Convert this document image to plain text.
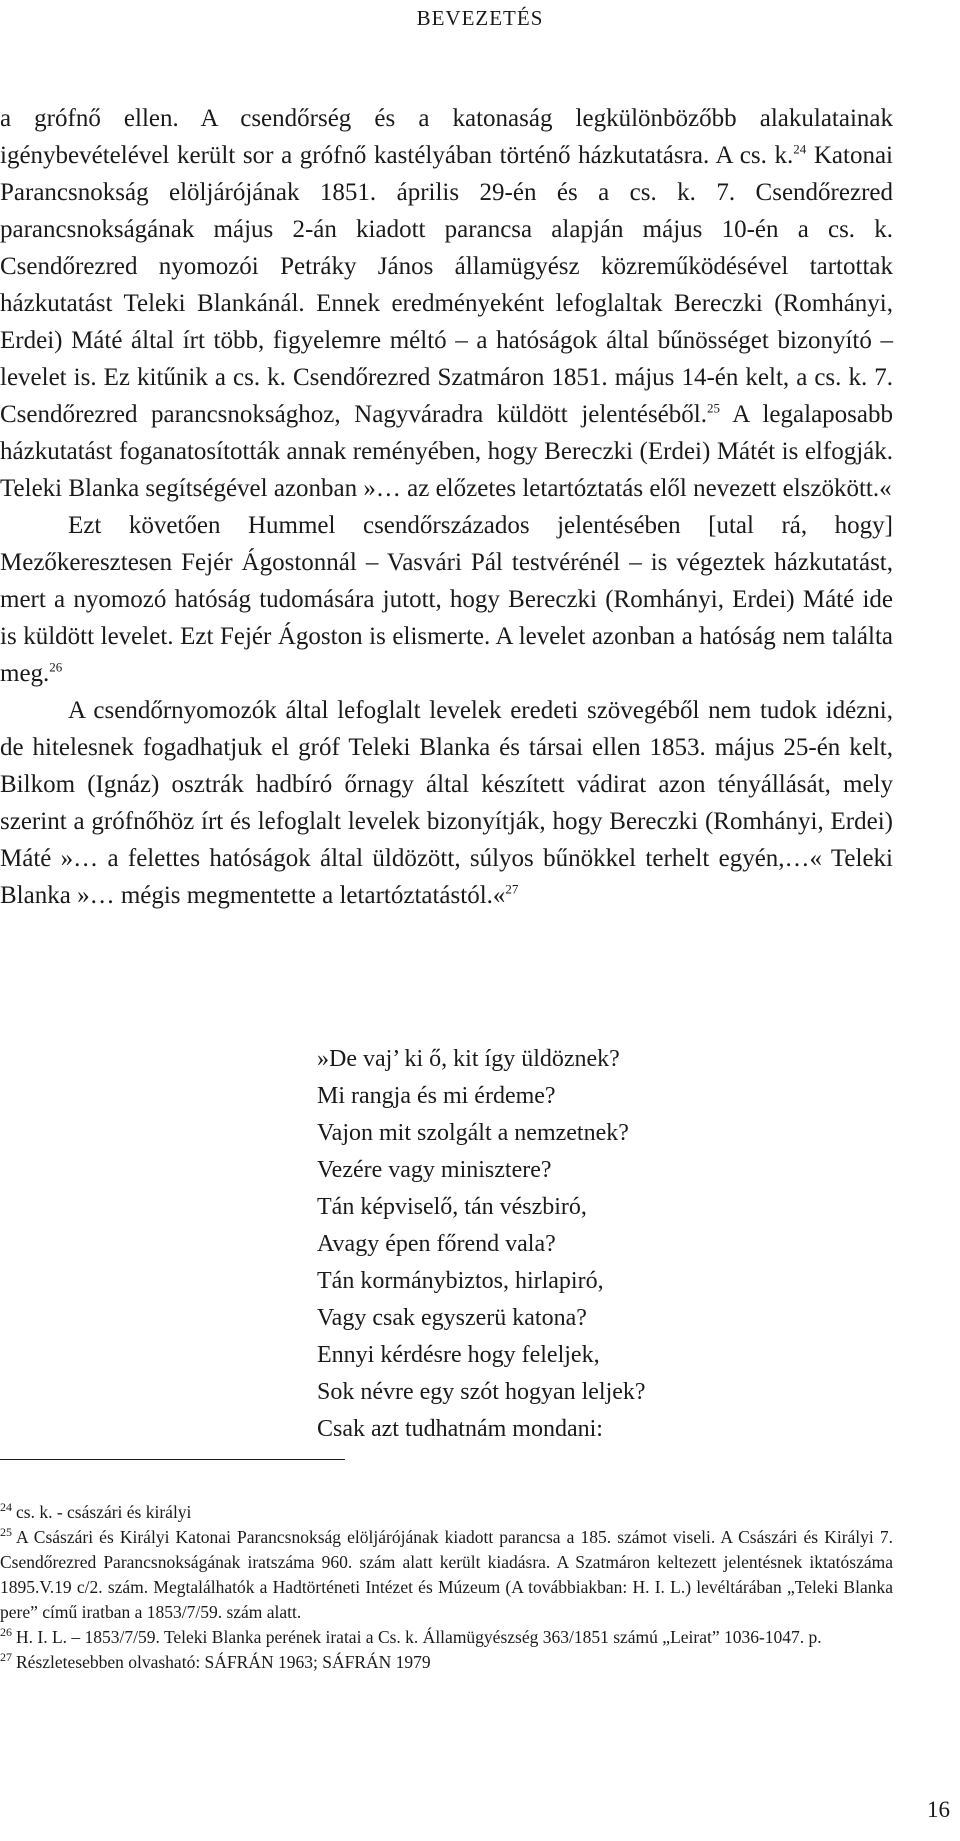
BEVEZETÉS

a grófnő ellen. A csendőrség és a katonaság legkülönbözőbb alakulatainak igénybevételével került sor a grófnő kastélyában történő házkutatásra. A cs. k.$^{24}$ Katonai Parancsnokság elöljárójának 1851. április 29-én és a cs. k. 7. Csendőrezred parancsnokságának május 2-án kiadott parancsa alapján május 10-én a cs. k. Csendőrezred nyomozói Petráky János államügyész közreműködésével tartottak házkutatást Teleki Blankánál. Ennek eredményeként lefoglaltak Bereczki (Romhányi, Erdei) Máté által írt több, figyelemre méltó – a hatóságok által bűnösséget bizonyító – levelet is. Ez kitűnik a cs. k. Csendőrezred Szatmáron 1851. május 14-én kelt, a cs. k. 7. Csendőrezred parancsnoksághoz, Nagyváradra küldött jelentéséből.$^{25}$ A legalaposabb házkutatást foganatosították annak reményében, hogy Bereczki (Erdei) Mátét is elfogják. Teleki Blanka segítségével azonban »… az előzetes letartóztatás elől nevezett elszökött.«

Ezt követően Hummel csendőrszázados jelentésében [utal rá, hogy] Mezőkeresztesen Fejér Ágostonnál – Vasvári Pál testvérénél – is végeztek házkutatást, mert a nyomozó hatóság tudomására jutott, hogy Bereczki (Romhányi, Erdei) Máté ide is küldött levelet. Ezt Fejér Ágoston is elismerte. A levelet azonban a hatóság nem találta meg.$^{26}$

A csendőrnyomozók által lefoglalt levelek eredeti szövegéből nem tudok idézni, de hitelesnek fogadhatjuk el gróf Teleki Blanka és társai ellen 1853. május 25-én kelt, Bilkom (Ignáz) osztrák hadbíró őrnagy által készített vádirat azon tényállását, mely szerint a grófnőhöz írt és lefoglalt levelek bizonyítják, hogy Bereczki (Romhányi, Erdei) Máté »… a felettes hatóságok által üldözött, súlyos bűnökkel terhelt egyén,…« Teleki Blanka »… mégis megmentette a letartóztatástól.«$^{27}$

»De vaj’ ki ő, kit így üldöznek?
Mi rangja és mi érdeme?
Vajon mit szolgált a nemzetnek?
Vezére vagy minisztere?
Tán képviselő, tán vészbiró,
Avagy épen főrend vala?
Tán kormánybiztos, hirlapiró,
Vagy csak egyszerü katona?
Ennyi kérdésre hogy feleljek,
Sok névre egy szót hogyan leljek?
Csak azt tudhatnám mondani:
$^{24}$ cs. k. - császári és királyi
$^{25}$ A Császári és Királyi Katonai Parancsnokság elöljárójának kiadott parancsa a 185. számot viseli. A Császári és Királyi 7. Csendőrezred Parancsnokságának iratszáma 960. szám alatt került kiadásra. A Szatmáron keltezett jelentésnek iktatószáma 1895.V.19 c/2. szám. Megtalálhatók a Hadtörténeti Intézet és Múzeum (A továbbiakban: H. I. L.) levéltárában „Teleki Blanka pere” című iratban a 1853/7/59. szám alatt.
$^{26}$ H. I. L. – 1853/7/59. Teleki Blanka perének iratai a Cs. k. Államügyészség 363/1851 számú „Leirat” 1036-1047. p.
$^{27}$ Részletesebben olvasható: SÁFRÁN 1963; SÁFRÁN 1979
16
